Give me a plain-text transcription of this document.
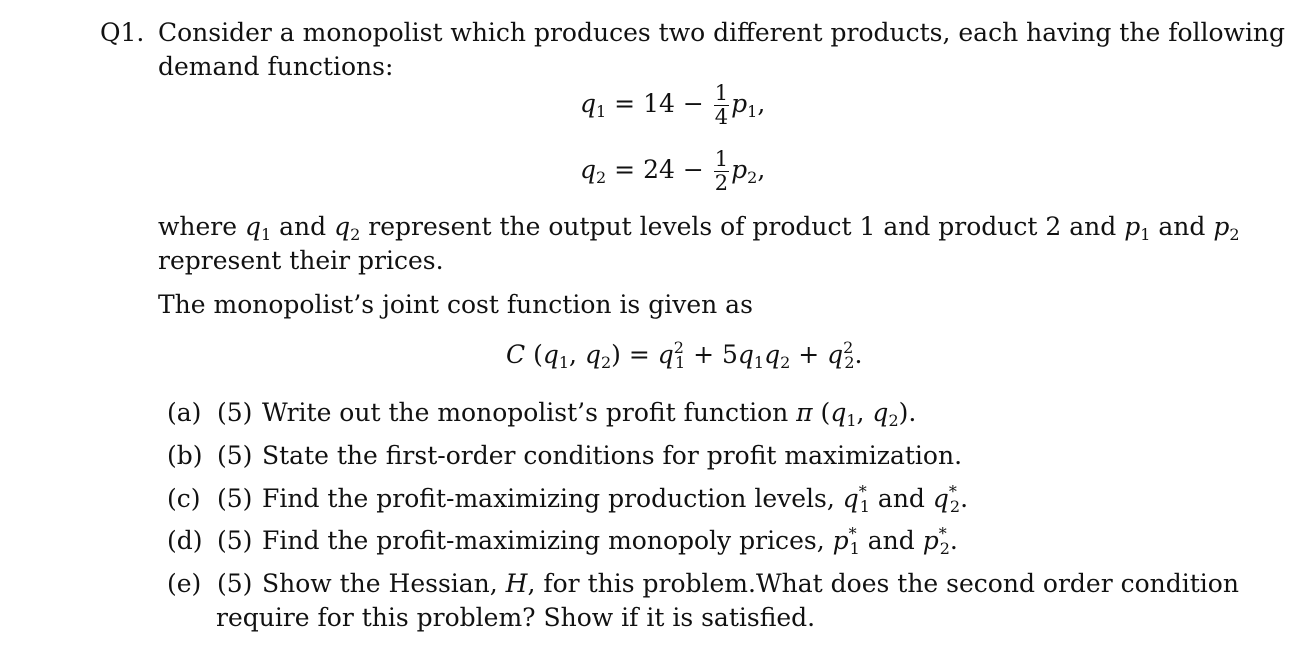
Q1. Consider a monopolist which produces two different products, each having the following
demand functions:
$q_1 = 14 - \frac{1}{4} p_1$,
$q_2 = 24 - \frac{1}{2} p_2$,
where $q_1$ and $q_2$ represent the output levels of product 1 and product 2 and $p_1$ and $p_2$
represent their prices.
The monopolist’s joint cost function is given as
C ($q_1$, $q_2) = q^2_1 + 5q_1q_2 + q^2_2$.
(a) (5) Write out the monopolist’s profit function π ($q_1$, $q_2$).
(b) (5) State the first-order conditions for profit maximization.
(c) (5) Find the profit-maximizing production levels, $q^*_1$ and $q^*_2$.
(d) (5) Find the profit-maximizing monopoly prices, $p^*_1$ and $p^*_2$.
(e) (5) Show the Hessian, H, for this problem.What does the second order condition
require for this problem? Show if it is satisfied.
